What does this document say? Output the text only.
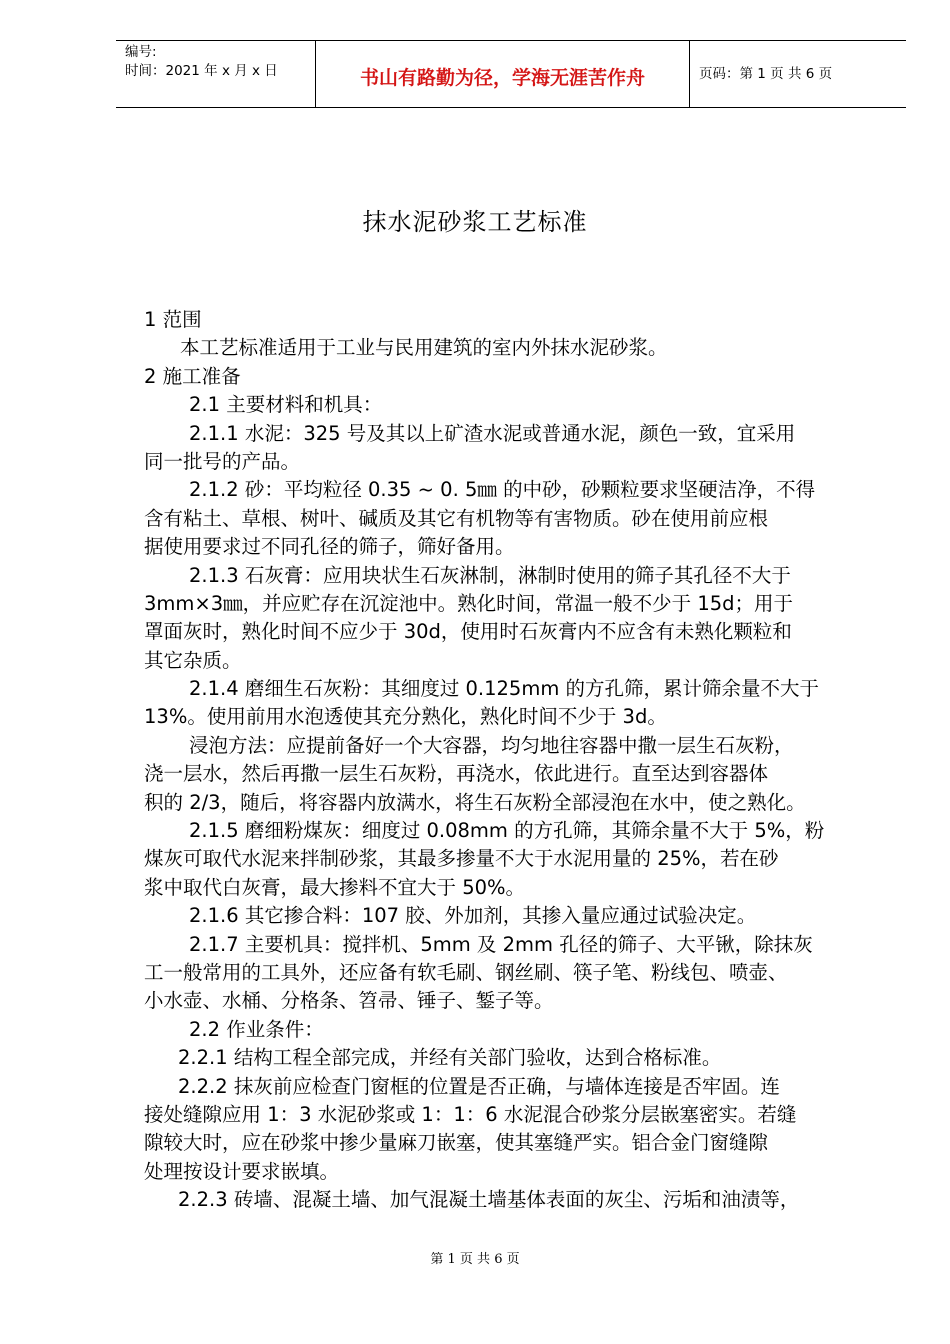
编号:
时间：2021 年 x 月 x 日	书山有路勤为径，学海无涯苦作舟	页码：第 1 页 共 6 页
抹水泥砂浆工艺标准
1 范围
本工艺标准适用于工业与民用建筑的室内外抹水泥砂浆。
2 施工准备
2.1 主要材料和机具：
2.1.1 水泥：325 号及其以上矿渣水泥或普通水泥，颜色一致，宜采用
同一批号的产品。
2.1.2 砂：平均粒径 0.35 ~ 0. 5㎜ 的中砂，砂颗粒要求坚硬洁净，不得
含有粘土、草根、树叶、碱质及其它有机物等有害物质。砂在使用前应根
据使用要求过不同孔径的筛子，筛好备用。
2.1.3 石灰膏：应用块状生石灰淋制，淋制时使用的筛子其孔径不大于
3mm×3㎜，并应贮存在沉淀池中。熟化时间，常温一般不少于 15d；用于
罩面灰时，熟化时间不应少于 30d，使用时石灰膏内不应含有未熟化颗粒和
其它杂质。
2.1.4 磨细生石灰粉：其细度过 0.125mm 的方孔筛，累计筛余量不大于
13%。使用前用水泡透使其充分熟化，熟化时间不少于 3d。
浸泡方法：应提前备好一个大容器，均匀地往容器中撒一层生石灰粉，
浇一层水，然后再撒一层生石灰粉，再浇水，依此进行。直至达到容器体
积的 2/3，随后，将容器内放满水，将生石灰粉全部浸泡在水中，使之熟化。
2.1.5 磨细粉煤灰：细度过 0.08mm 的方孔筛，其筛余量不大于 5%，粉
煤灰可取代水泥来拌制砂浆，其最多掺量不大于水泥用量的 25%，若在砂
浆中取代白灰膏，最大掺料不宜大于 50%。
2.1.6 其它掺合料：107 胶、外加剂，其掺入量应通过试验决定。
2.1.7 主要机具：搅拌机、5mm 及 2mm 孔径的筛子、大平锹，除抹灰
工一般常用的工具外，还应备有软毛刷、钢丝刷、筷子笔、粉线包、喷壶、
小水壶、水桶、分格条、笤帚、锤子、錾子等。
2.2 作业条件：
2.2.1 结构工程全部完成，并经有关部门验收，达到合格标准。
2.2.2 抹灰前应检查门窗框的位置是否正确，与墙体连接是否牢固。连
接处缝隙应用 1：3 水泥砂浆或 1：1：6 水泥混合砂浆分层嵌塞密实。若缝
隙较大时，应在砂浆中掺少量麻刀嵌塞，使其塞缝严实。铝合金门窗缝隙
处理按设计要求嵌填。
2.2.3 砖墙、混凝土墙、加气混凝土墙基体表面的灰尘、污垢和油渍等，
第 1 页 共 6 页
